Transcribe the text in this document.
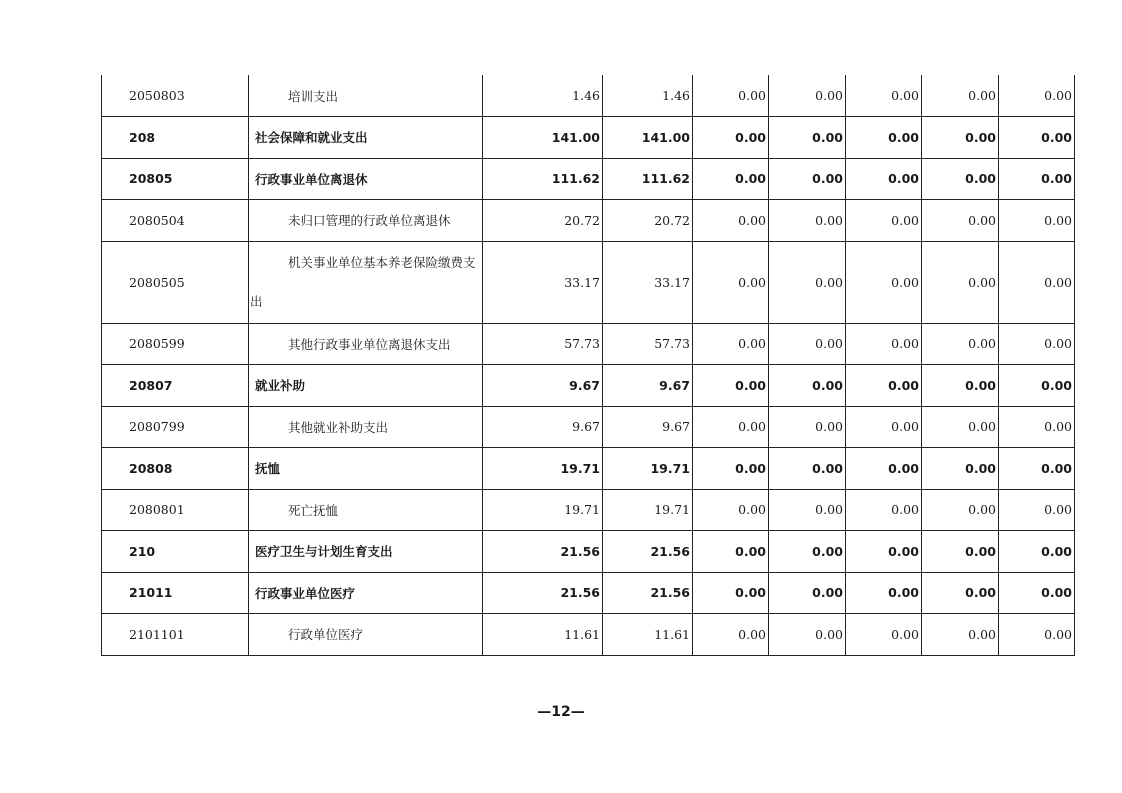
2050803	培训支出	1.46	1.46	0.00	0.00	0.00	0.00	0.00
208	社会保障和就业支出	141.00	141.00	0.00	0.00	0.00	0.00	0.00
20805	行政事业单位离退休	111.62	111.62	0.00	0.00	0.00	0.00	0.00
2080504	未归口管理的行政单位离退休	20.72	20.72	0.00	0.00	0.00	0.00	0.00
2080505	机关事业单位基本养老保险缴费支出	33.17	33.17	0.00	0.00	0.00	0.00	0.00
2080599	其他行政事业单位离退休支出	57.73	57.73	0.00	0.00	0.00	0.00	0.00
20807	就业补助	9.67	9.67	0.00	0.00	0.00	0.00	0.00
2080799	其他就业补助支出	9.67	9.67	0.00	0.00	0.00	0.00	0.00
20808	抚恤	19.71	19.71	0.00	0.00	0.00	0.00	0.00
2080801	死亡抚恤	19.71	19.71	0.00	0.00	0.00	0.00	0.00
210	医疗卫生与计划生育支出	21.56	21.56	0.00	0.00	0.00	0.00	0.00
21011	行政事业单位医疗	21.56	21.56	0.00	0.00	0.00	0.00	0.00
2101101	行政单位医疗	11.61	11.61	0.00	0.00	0.00	0.00	0.00
—12—
